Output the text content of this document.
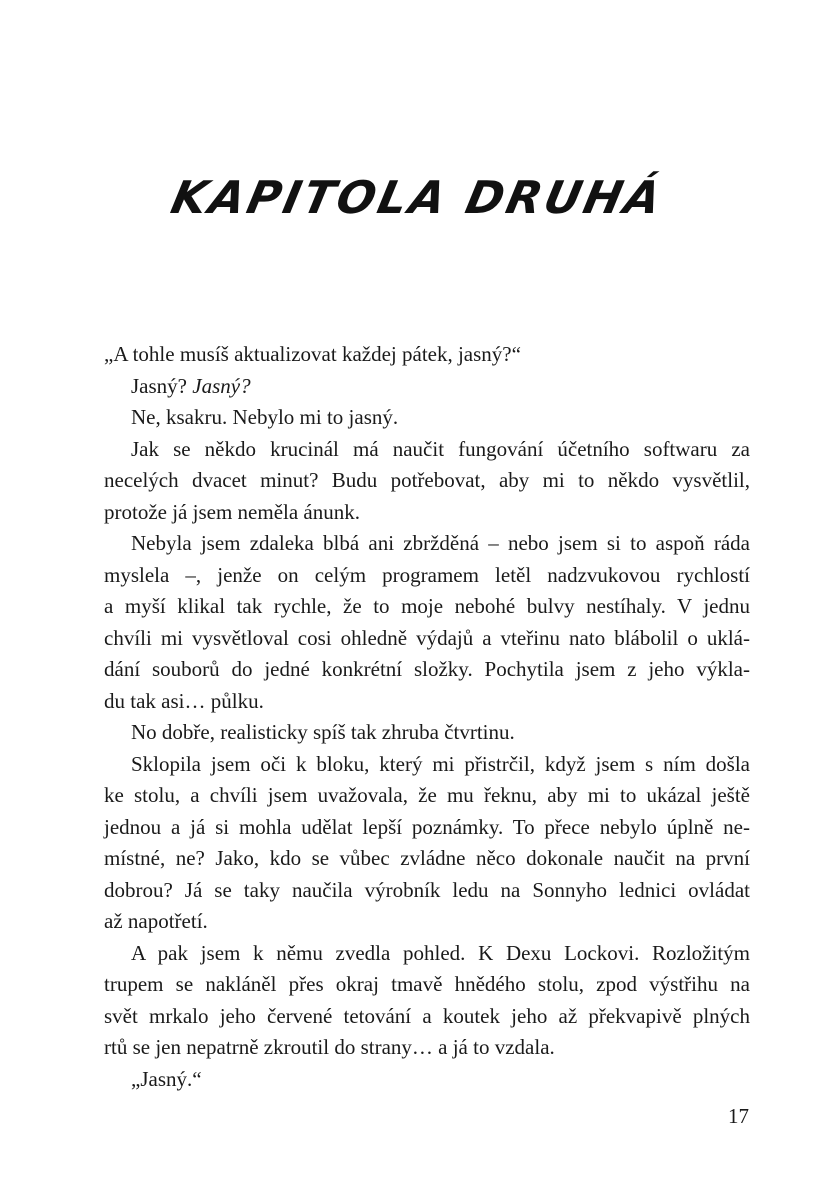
KAPITOLA DRUHÁ
„A tohle musíš aktualizovat každej pátek, jasný?“
Jasný? Jasný?
Ne, ksakru. Nebylo mi to jasný.
Jak se někdo krucinál má naučit fungování účetního softwaru za
necelých dvacet minut? Budu potřebovat, aby mi to někdo vysvětlil,
protože já jsem neměla ánunk.
Nebyla jsem zdaleka blbá ani zbržděná – nebo jsem si to aspoň ráda
myslela –, jenže on celým programem letěl nadzvukovou rychlostí
a myší klikal tak rychle, že to moje nebohé bulvy nestíhaly. V jednu
chvíli mi vysvětloval cosi ohledně výdajů a vteřinu nato blábolil o uklá-
dání souborů do jedné konkrétní složky. Pochytila jsem z jeho výkla-
du tak asi… půlku.
No dobře, realisticky spíš tak zhruba čtvrtinu.
Sklopila jsem oči k bloku, který mi přistrčil, když jsem s ním došla
ke stolu, a chvíli jsem uvažovala, že mu řeknu, aby mi to ukázal ještě
jednou a já si mohla udělat lepší poznámky. To přece nebylo úplně ne-
místné, ne? Jako, kdo se vůbec zvládne něco dokonale naučit na první
dobrou? Já se taky naučila výrobník ledu na Sonnyho lednici ovládat
až napotřetí.
A pak jsem k němu zvedla pohled. K Dexu Lockovi. Rozložitým
trupem se nakláněl přes okraj tmavě hnědého stolu, zpod výstřihu na
svět mrkalo jeho červené tetování a koutek jeho až překvapivě plných
rtů se jen nepatrně zkroutil do strany… a já to vzdala.
„Jasný.“
17
